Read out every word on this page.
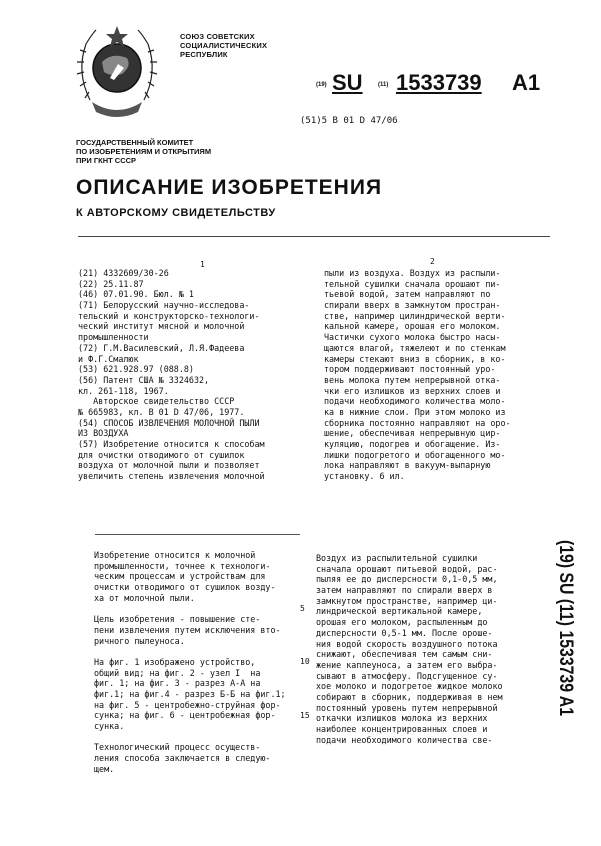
СОЮЗ СОВЕТСКИХ
СОЦИАЛИСТИЧЕСКИХ
РЕСПУБЛИК
(19) SU	(11) 1533739 A1
(51)5 B 01 D 47/06
ГОСУДАРСТВЕННЫЙ КОМИТЕТ
ПО ИЗОБРЕТЕНИЯМ И ОТКРЫТИЯМ
ПРИ ГКНТ СССР
ОПИСАНИЕ ИЗОБРЕТЕНИЯ
К АВТОРСКОМУ СВИДЕТЕЛЬСТВУ
1	2
(21) 4332609/30-26
(22) 25.11.87
(46) 07.01.90. Бюл. № 1
(71) Белорусский научно-исследова-
тельский и конструкторско-технологи-
ческий институт мясной и молочной
промышленности
(72) Г.М.Василевский, Л.Я.Фадеева
и Ф.Г.Смалюк
(53) 621.928.97 (088.8)
(56) Патент США № 3324632,
кл. 261-118, 1967.
Авторское свидетельство СССР
№ 665983, кл. B 01 D 47/06, 1977.
(54) СПОСОБ ИЗВЛЕЧЕНИЯ МОЛОЧНОЙ ПЫЛИ
ИЗ ВОЗДУХА
(57) Изобретение относится к способам
для очистки отводимого от сушилок
воздуха от молочной пыли и позволяет
увеличить степень извлечения молочной
пыли из воздуха. Воздух из распыли-
тельной сушилки сначала орошают пи-
тьевой водой, затем направляют по
спирали вверх в замкнутом простран-
стве, например цилиндрической верти-
кальной камере, орошая его молоком.
Частички сухого молока быстро насы-
щаются влагой, тяжелеют и по стенкам
камеры стекают вниз в сборник, в ко-
тором поддерживают постоянный уро-
вень молока путем непрерывной отка-
чки его излишков из верхних слоев и
подачи необходимого количества моло-
ка в нижние слои. При этом молоко из
сборника постоянно направляют на оро-
шение, обеспечивая непрерывную цир-
куляцию, подогрев и обогащение. Из-
лишки подогретого и обогащенного мо-
лока направляют в вакуум-выпарную
установку. 6 ил.
Изобретение относится к молочной
промышленности, точнее к технологи-
ческим процессам и устройствам для
очистки отводимого от сушилок возду-
ха от молочной пыли.
Цель изобретения - повышение сте-
пени извлечения путем исключения вто-
ричного пылеуноса.
На фиг. 1 изображено устройство,
общий вид; на фиг. 2 - узел I  на
фиг. 1; на фиг. 3 - разрез А-А на
фиг.1; на фиг.4 - разрез Б-Б на фиг.1;
на фиг. 5 - центробежно-струйная фор-
сунка; на фиг. 6 - центробежная фор-
сунка.
Технологический процесс осуществ-
ления способа заключается в следую-
щем.
Воздух из распылительной сушилки
сначала орошают питьевой водой, рас-
пыляя ее до дисперсности 0,1-0,5 мм,
затем направляют по спирали вверх в
замкнутом пространстве, например ци-
линдрической вертикальной камере,
орошая его молоком, распыленным до
дисперсности 0,5-1 мм. После ороше-
ния водой скорость воздушного потока
снижают, обеспечивая тем самым сни-
жение каплеуноса, а затем его выбра-
сывают в атмосферу. Подсгущенное су-
хое молоко и подогретое жидкое молоко
собирают в сборник, поддерживая в нем
постоянный уровень путем непрерывной
откачки излишков молока из верхних
наиболее концентрированных слоев и
подачи необходимого количества све-
5
10
15	(19) SU (11) 1533739 A1
